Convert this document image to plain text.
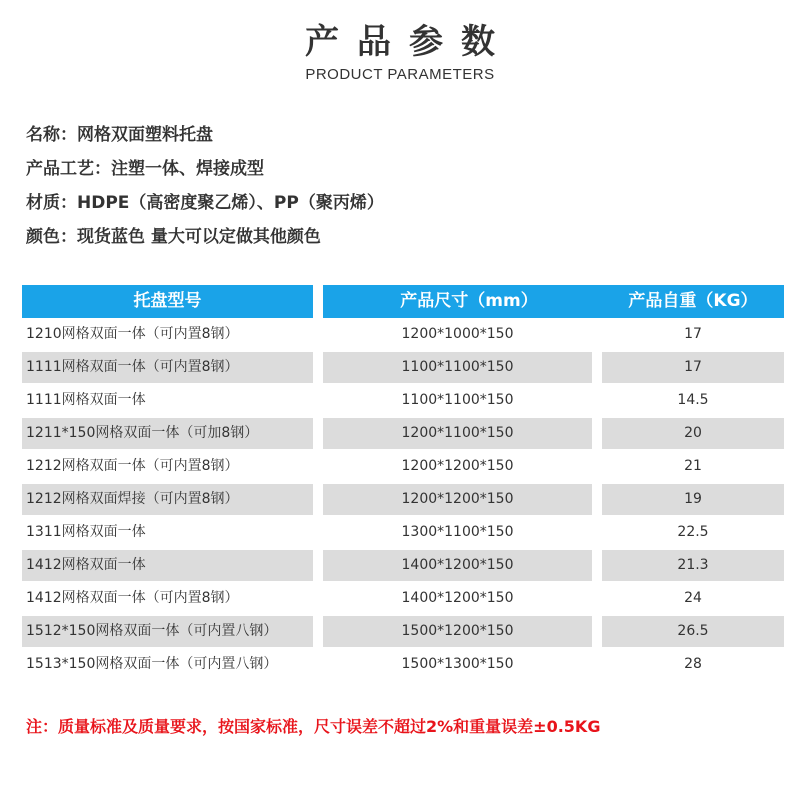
产品参数
PRODUCT PARAMETERS
名称：网格双面塑料托盘
产品工艺：注塑一体、焊接成型
材质：HDPE（高密度聚乙烯）、PP（聚丙烯）
颜色：现货蓝色 量大可以定做其他颜色
托盘型号	产品尺寸（mm）	产品自重（KG）
1210网格双面一体（可内置8钢）	1200*1000*150	17
1111网格双面一体（可内置8钢）	1100*1100*150	17
1111网格双面一体	1100*1100*150	14.5
1211*150网格双面一体（可加8钢）	1200*1100*150	20
1212网格双面一体（可内置8钢）	1200*1200*150	21
1212网格双面焊接（可内置8钢）	1200*1200*150	19
1311网格双面一体	1300*1100*150	22.5
1412网格双面一体	1400*1200*150	21.3
1412网格双面一体（可内置8钢）	1400*1200*150	24
1512*150网格双面一体（可内置八钢）	1500*1200*150	26.5
1513*150网格双面一体（可内置八钢）	1500*1300*150	28
注：质量标准及质量要求，按国家标准，尺寸误差不超过2%和重量误差±0.5KG
